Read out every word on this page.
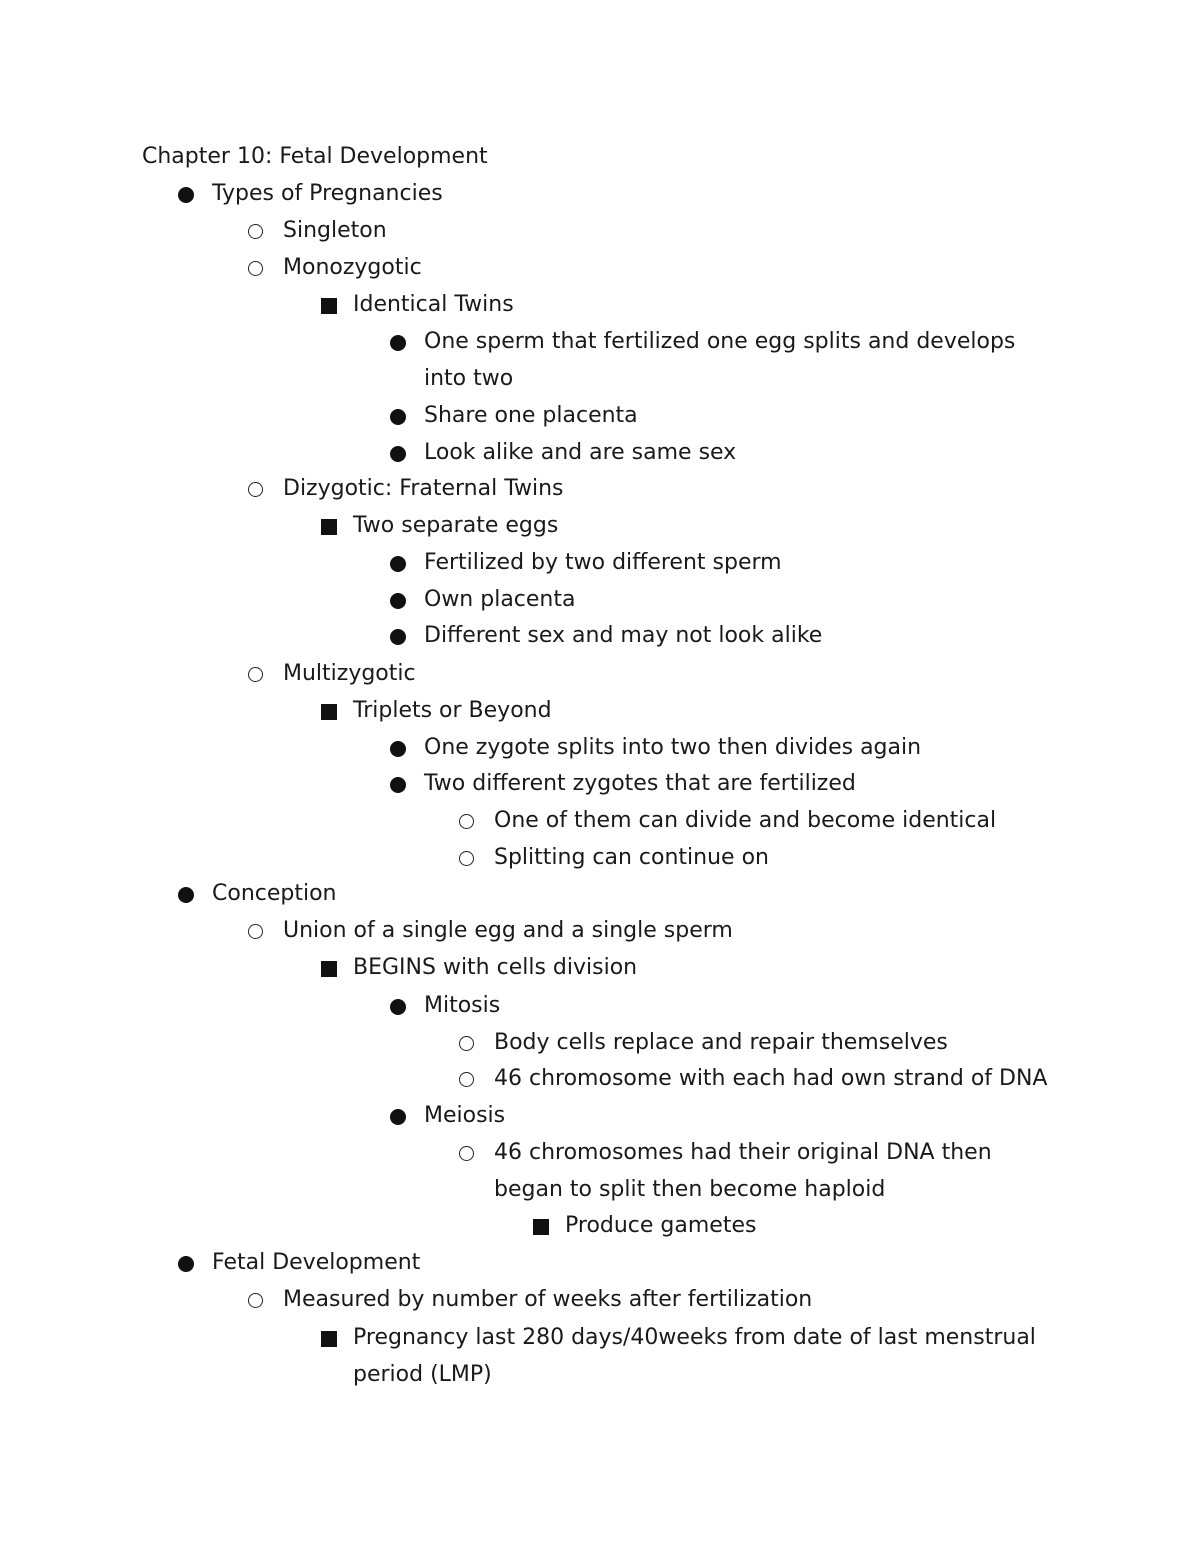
Chapter 10: Fetal Development
Types of Pregnancies
Singleton
Monozygotic
Identical Twins
One sperm that fertilized one egg splits and develops into two
Share one placenta
Look alike and are same sex
Dizygotic: Fraternal Twins
Two separate eggs
Fertilized by two different sperm
Own placenta
Different sex and may not look alike
Multizygotic
Triplets or Beyond
One zygote splits into two then divides again
Two different zygotes that are fertilized
One of them can divide and become identical
Splitting can continue on
Conception
Union of a single egg and a single sperm
BEGINS with cells division
Mitosis
Body cells replace and repair themselves
46 chromosome with each had own strand of DNA
Meiosis
46 chromosomes had their original DNA then began to split then become haploid
Produce gametes
Fetal Development
Measured by number of weeks after fertilization
Pregnancy last 280 days/40weeks from date of last menstrual period (LMP)
